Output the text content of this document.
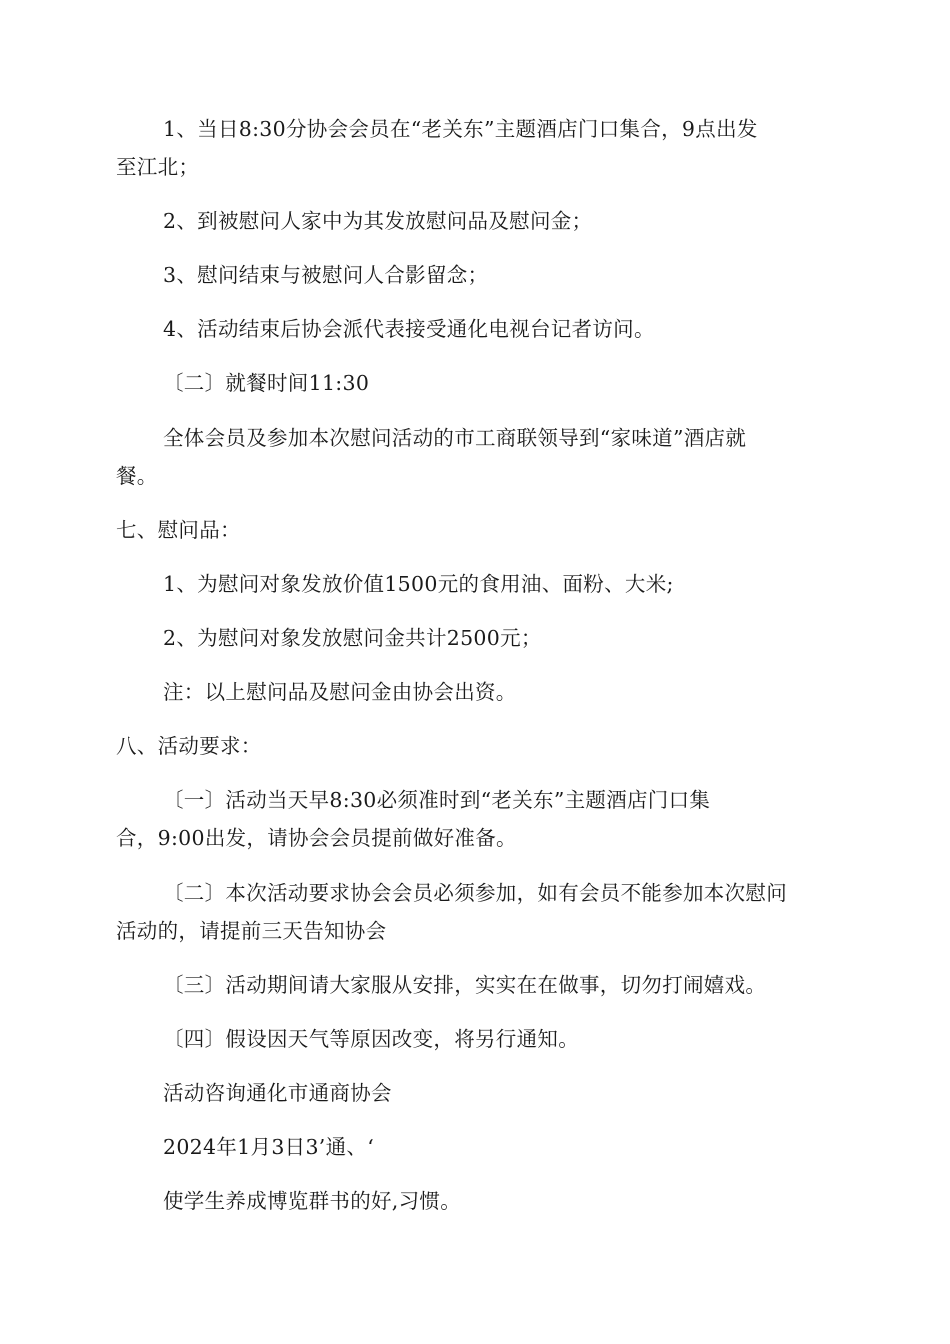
1、当日8:30分协会会员在“老关东”主题酒店门口集合，9点出发
至江北；
2、到被慰问人家中为其发放慰问品及慰问金；
3、慰问结束与被慰问人合影留念；
4、活动结束后协会派代表接受通化电视台记者访问。
〔二〕就餐时间11:30
全体会员及参加本次慰问活动的市工商联领导到“家味道”酒店就
餐。
七、慰问品：
1、为慰问对象发放价值1500元的食用油、面粉、大米;
2、为慰问对象发放慰问金共计2500元；
注：以上慰问品及慰问金由协会出资。
八、活动要求：
〔一〕活动当天早8:30必须准时到“老关东”主题酒店门口集
合，9:00出发，请协会会员提前做好准备。
〔二〕本次活动要求协会会员必须参加，如有会员不能参加本次慰问
活动的，请提前三天告知协会
〔三〕活动期间请大家服从安排，实实在在做事，切勿打闹嬉戏。
〔四〕假设因天气等原因改变，将另行通知。
活动咨询通化市通商协会
2024年1月3日3’通、‘
使学生养成博览群书的好,习惯。
